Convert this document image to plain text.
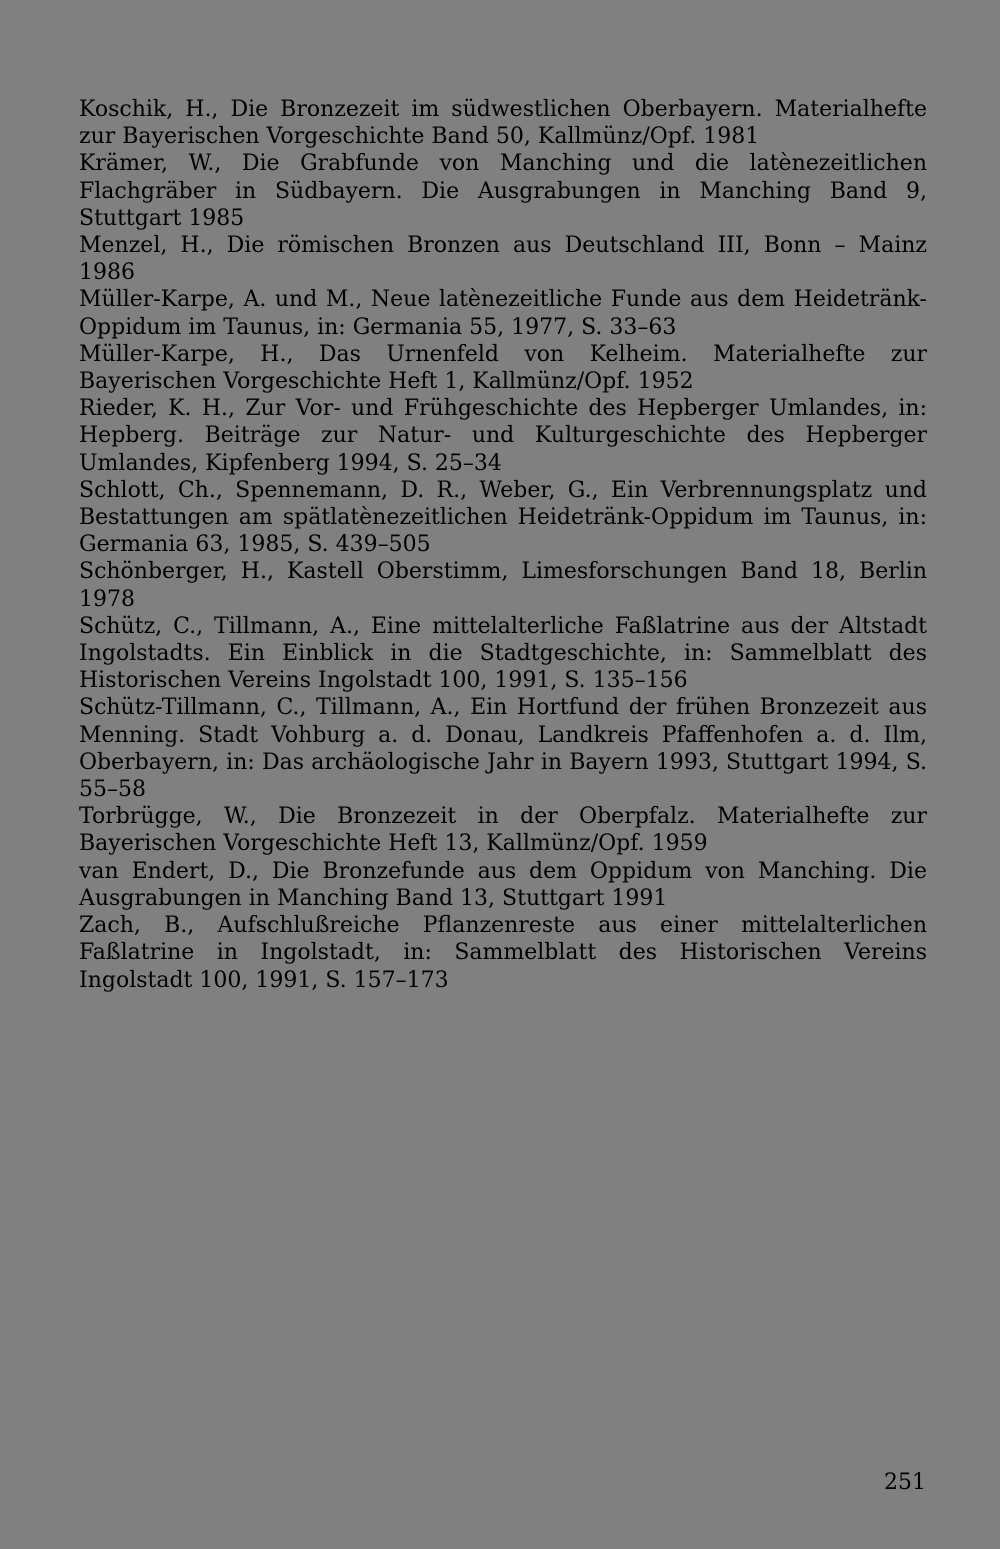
Koschik, H., Die Bronzezeit im südwestlichen Oberbayern. Materialhefte zur Bayerischen Vorgeschichte Band 50, Kallmünz/Opf. 1981
Krämer, W., Die Grabfunde von Manching und die latènezeitlichen Flachgräber in Südbayern. Die Ausgrabungen in Manching Band 9, Stuttgart 1985
Menzel, H., Die römischen Bronzen aus Deutschland III, Bonn – Mainz 1986
Müller-Karpe, A. und M., Neue latènezeitliche Funde aus dem Heidetränk-Oppidum im Taunus, in: Germania 55, 1977, S. 33–63
Müller-Karpe, H., Das Urnenfeld von Kelheim. Materialhefte zur Bayerischen Vorgeschichte Heft 1, Kallmünz/Opf. 1952
Rieder, K. H., Zur Vor- und Frühgeschichte des Hepberger Umlandes, in: Hepberg. Beiträge zur Natur- und Kulturgeschichte des Hepberger Umlandes, Kipfenberg 1994, S. 25–34
Schlott, Ch., Spennemann, D. R., Weber, G., Ein Verbrennungsplatz und Bestattungen am spätlatènezeitlichen Heidetränk-Oppidum im Taunus, in: Germania 63, 1985, S. 439–505
Schönberger, H., Kastell Oberstimm, Limesforschungen Band 18, Berlin 1978
Schütz, C., Tillmann, A., Eine mittelalterliche Faßlatrine aus der Altstadt Ingolstadts. Ein Einblick in die Stadtgeschichte, in: Sammelblatt des Historischen Vereins Ingolstadt 100, 1991, S. 135–156
Schütz-Tillmann, C., Tillmann, A., Ein Hortfund der frühen Bronzezeit aus Menning. Stadt Vohburg a. d. Donau, Landkreis Pfaffenhofen a. d. Ilm, Oberbayern, in: Das archäologische Jahr in Bayern 1993, Stuttgart 1994, S. 55–58
Torbrügge, W., Die Bronzezeit in der Oberpfalz. Materialhefte zur Bayerischen Vorgeschichte Heft 13, Kallmünz/Opf. 1959
van Endert, D., Die Bronzefunde aus dem Oppidum von Manching. Die Ausgrabungen in Manching Band 13, Stuttgart 1991
Zach, B., Aufschlußreiche Pflanzenreste aus einer mittelalterlichen Faßlatrine in Ingolstadt, in: Sammelblatt des Historischen Vereins Ingolstadt 100, 1991, S. 157–173
251
